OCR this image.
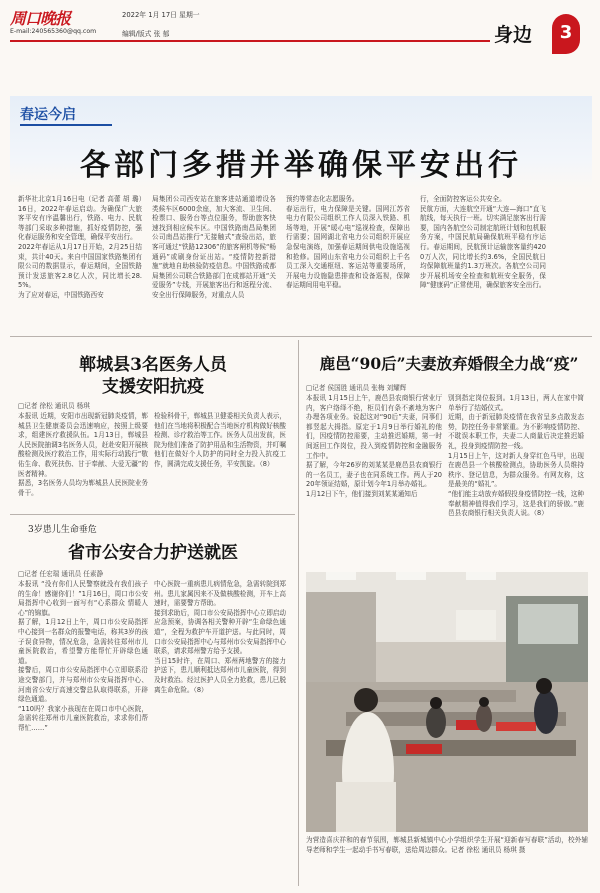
周口晚报	2022年 1月 17日 星期一
E-mail:240565360@qq.com	编辑/版式 张 郁	身边	3
春运今启
各部门多措并举确保平安出行
新华社北京1月16日电（记者 高蕾 胡 璐）16日，2022年春运启动。为确保广大旅客平安有序温馨出行，铁路、电力、民航等部门采取多种措施，抓好疫情防控，强化春运服务和安全管理，确保平安出行。
2022年春运从1月17日开始，2月25日结束，共计40天。来自中国国家铁路集团有限公司的数据显示，春运期间，全国铁路预计发送旅客2.8亿人次，同比增长28.5%。
为了应对春运，中国铁路西安
局集团公司西安站在旅客进站通道增设各类候车区6000余座，加大客流、卫生间、检票口、服务台等点位服务，帮助旅客快速找到相应候车区。中国铁路南昌局集团公司南昌站推行“无接触式”查验出站，旅客可通过“铁路12306”的旅客闸机等候“畅通码”或刷身份证出站。“疫情防控新措施”就地自助核验防疫信息。中国铁路成都局集团公司联合铁路部门在成都站开通“关爱服务”专线，开展旅客出行和返程分流、安全出行保障服务，对重点人员
预约等常态化志愿服务。
春运出行，电力保障是关键。国网江苏省电力有限公司组织工作人员深入铁路、机场等地，开展“暖心电”巡视检查，保障出行需要；国网湖北省电力公司组织开展应急保电演练，加强春运期间供电设施巡视和抢修。国网山东省电力公司组织上千名员工深入交通枢纽、客运站等重要场所，开展电力设施隐患排查和设备巡视，保障春运期间用电平稳。
行，全面防控客运公共安全。
民航方面，大连航空开通“大连—海口”直飞航线，每天执行一班。切实满足旅客出行需要，国内各航空公司制定航班计划和包机服务方案，中国民航局确保航班平稳有序运行。春运期间，民航预计运输旅客量约4200万人次，同比增长约3.6%，全国民航日均保障航班量约1.3万班次。各航空公司同步开展机场安全检查和航班安全服务，保障“健康码”正常使用，确保旅客安全出行。
郸城县3名医务人员
支援安阳抗疫
□记者 徐松 通讯员 杨琪
本报讯 近期，安阳市出现新冠肺炎疫情，郸城县卫生健康委员会迅速响应，按照上级要求，组建医疗救援队伍。1月13日，郸城县人民医院抽调3名医务人员，赶赴安阳开展核酸检测及医疗救治工作，用实际行动践行“敬佑生命、救死扶伤、甘于奉献、大爱无疆”的医者精神。
据悉，3名医务人员均为郸城县人民医院业务骨干。
检验科骨干，郸城县卫健委相关负责人表示，他们在当地将积极配合当地医疗机构做好核酸检测、诊疗救治等工作。医务人员出发前，医院为他们准备了防护用品和生活物资，并叮嘱他们在做好个人防护的同时全力投入抗疫工作，圆满完成支援任务，平安凯旋。（8）
3岁患儿生命垂危
省市公安合力护送就医
□记者 任宏瑞 通讯员 任素静
本报讯 “没有你们人民警察就没有我们孩子的生命！感谢你们！”1月16日，周口市公安局指挥中心收到一面写有“心系群众 情暖人心”的锦旗。
据了解，1月12日上午，周口市公安局指挥中心接到一名群众的报警电话，称其3岁的孩子误食异物，情况危急，急需转往郑州市儿童医院救治，希望警方能帮忙开辟绿色通道。
接警后，周口市公安局指挥中心立即联系沿途交警部门，并与郑州市公安局指挥中心、河南省公安厅高速交警总队取得联系，开辟绿色通道。
“110吗？我家小孩现在在周口市中心医院，急需转往郑州市儿童医院救治，求求你们帮帮忙……”
中心医院一重病患儿病情危急，急需转院到郑州。患儿家属因来不及做核酸检测，开车上高速时，需要警方帮助。
接到求助后，周口市公安局指挥中心立即启动应急预案，协调各相关警种开辟“生命绿色通道”，全程为救护车开道护送。与此同时，周口市公安局指挥中心与郑州市公安局指挥中心联系，请求郑州警方给予支援。
当日15时许，在周口、郑州两地警方的接力护送下，患儿顺利抵达郑州市儿童医院，得到及时救治。经过医护人员全力抢救，患儿已脱离生命危险。（8）
鹿邑“90后”夫妻放弃婚假全力战“疫”
□记者 侯国胜 通讯员 张梅 刘耀辉
本报讯 1月15日上午，鹿邑县农商银行营业厅内，客户络绎不绝，柜员们有条不紊地为客户办理各项业务。说起这对“90后”夫妻，同事们都竖起大拇指。原定于1月9日举行婚礼的他们，因疫情防控需要，主动推迟婚期，第一时间返回工作岗位，投入到疫情防控和金融服务工作中。
据了解，今年26岁的刘某某是鹿邑县农商银行的一名员工，妻子也在同系统工作。两人于2020年领证结婚，原计划今年1月举办婚礼。
1月12日下午，他们接到刘某某通知后
别到指定岗位报到。1月13日，两人在家中简单举行了结婚仪式。
近期，由于新冠肺炎疫情在我省呈多点散发态势，防控任务非常繁重。为不影响疫情防控、不耽误本职工作，夫妻二人商量后决定推迟婚礼，投身到疫情防控一线。
1月15日上午，这对新人身穿红色马甲，出现在鹿邑县一个核酸检测点，协助医务人员维持秩序、登记信息，为群众服务。有网友称，这是最美的“婚礼”。
“他们能主动放弃婚假投身疫情防控一线，这种奉献精神值得我们学习，这是我们的骄傲。”鹿邑县农商银行相关负责人说。（8）
为营造喜庆祥和的春节氛围，郸城县新城镇中心小学组织学生开展“迎新春写春联”活动，校外辅导老师和学生一起动手书写春联，送给周边群众。记者 徐松 通讯员 杨琪 摄
